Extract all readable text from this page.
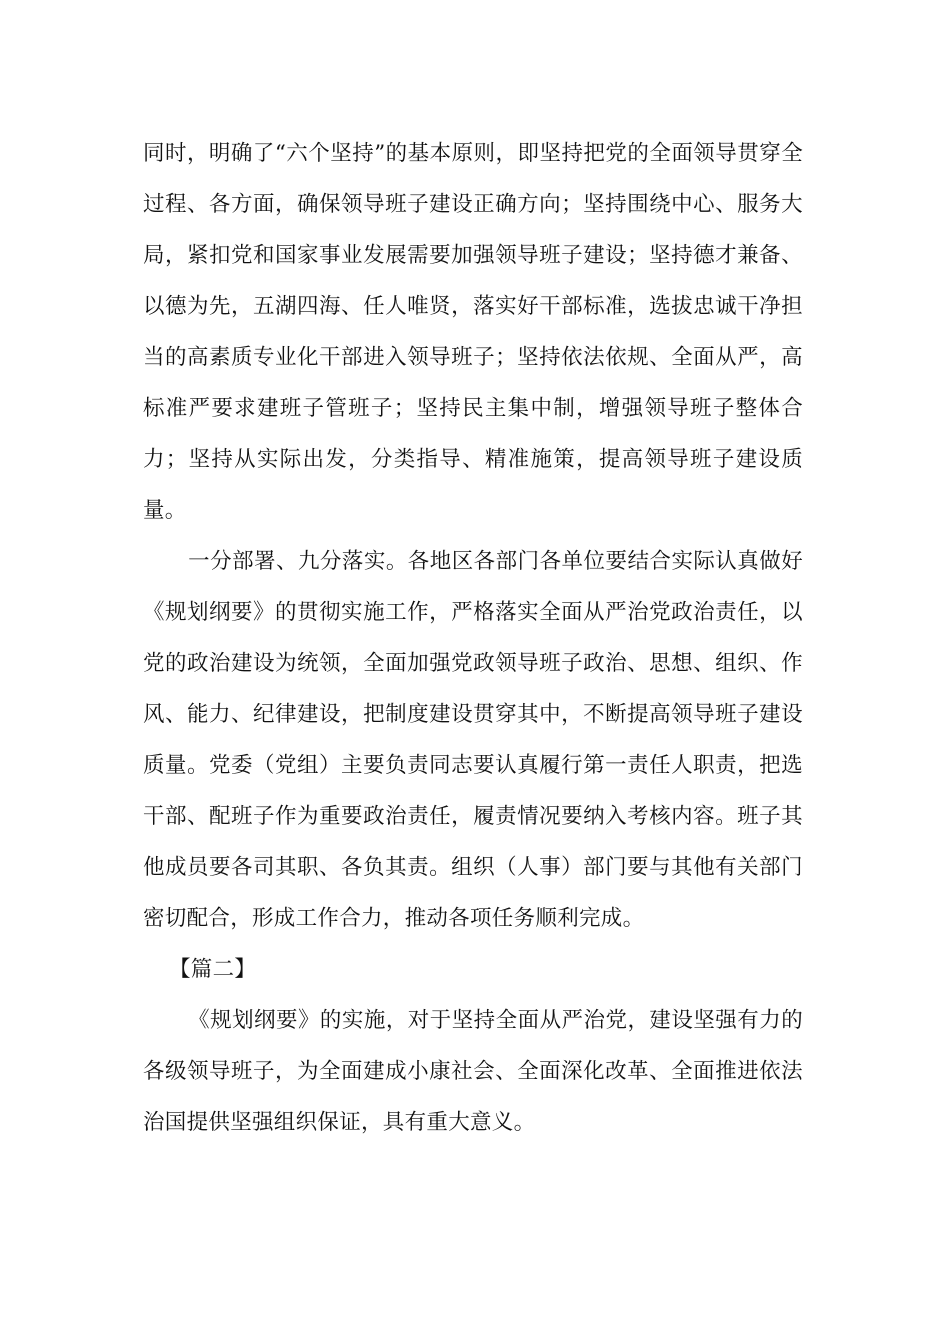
同时，明确了“六个坚持”的基本原则，即坚持把党的全面领导贯穿全过程、各方面，确保领导班子建设正确方向；坚持围绕中心、服务大局，紧扣党和国家事业发展需要加强领导班子建设；坚持德才兼备、以德为先，五湖四海、任人唯贤，落实好干部标准，选拔忠诚干净担当的高素质专业化干部进入领导班子；坚持依法依规、全面从严，高标准严要求建班子管班子；坚持民主集中制，增强领导班子整体合力；坚持从实际出发，分类指导、精准施策，提高领导班子建设质量。

一分部署、九分落实。各地区各部门各单位要结合实际认真做好《规划纲要》的贯彻实施工作，严格落实全面从严治党政治责任，以党的政治建设为统领，全面加强党政领导班子政治、思想、组织、作风、能力、纪律建设，把制度建设贯穿其中，不断提高领导班子建设质量。党委（党组）主要负责同志要认真履行第一责任人职责，把选干部、配班子作为重要政治责任，履责情况要纳入考核内容。班子其他成员要各司其职、各负其责。组织（人事）部门要与其他有关部门密切配合，形成工作合力，推动各项任务顺利完成。

【篇二】

《规划纲要》的实施，对于坚持全面从严治党，建设坚强有力的各级领导班子，为全面建成小康社会、全面深化改革、全面推进依法治国提供坚强组织保证，具有重大意义。
